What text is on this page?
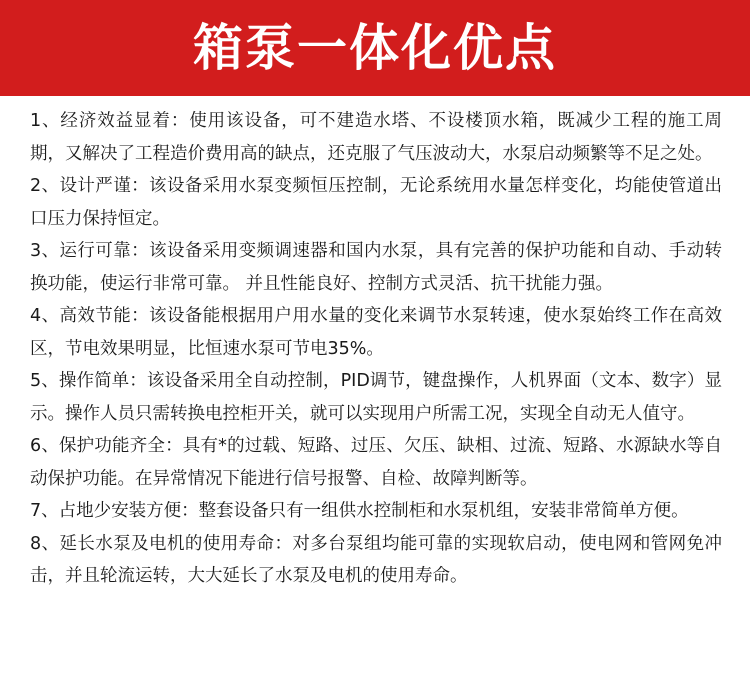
箱泵一体化优点

1、经济效益显着：使用该设备，可不建造水塔、不设楼顶水箱，既减少工程的施工周期，又解决了工程造价费用高的缺点，还克服了气压波动大，水泵启动频繁等不足之处。

2、设计严谨：该设备采用水泵变频恒压控制，无论系统用水量怎样变化，均能使管道出口压力保持恒定。

3、运行可靠：该设备采用变频调速器和国内水泵，具有完善的保护功能和自动、手动转换功能，使运行非常可靠。 并且性能良好、控制方式灵活、抗干扰能力强。

4、高效节能：该设备能根据用户用水量的变化来调节水泵转速，使水泵始终工作在高效区，节电效果明显，比恒速水泵可节电35%。

5、操作简单：该设备采用全自动控制，PID调节，键盘操作，人机界面（文本、数字）显示。操作人员只需转换电控柜开关，就可以实现用户所需工况，实现全自动无人值守。

6、保护功能齐全：具有*的过载、短路、过压、欠压、缺相、过流、短路、水源缺水等自动保护功能。在异常情况下能进行信号报警、自检、故障判断等。

7、占地少安装方便：整套设备只有一组供水控制柜和水泵机组，安装非常简单方便。

8、延长水泵及电机的使用寿命：对多台泵组均能可靠的实现软启动，使电网和管网免冲击，并且轮流运转，大大延长了水泵及电机的使用寿命。
